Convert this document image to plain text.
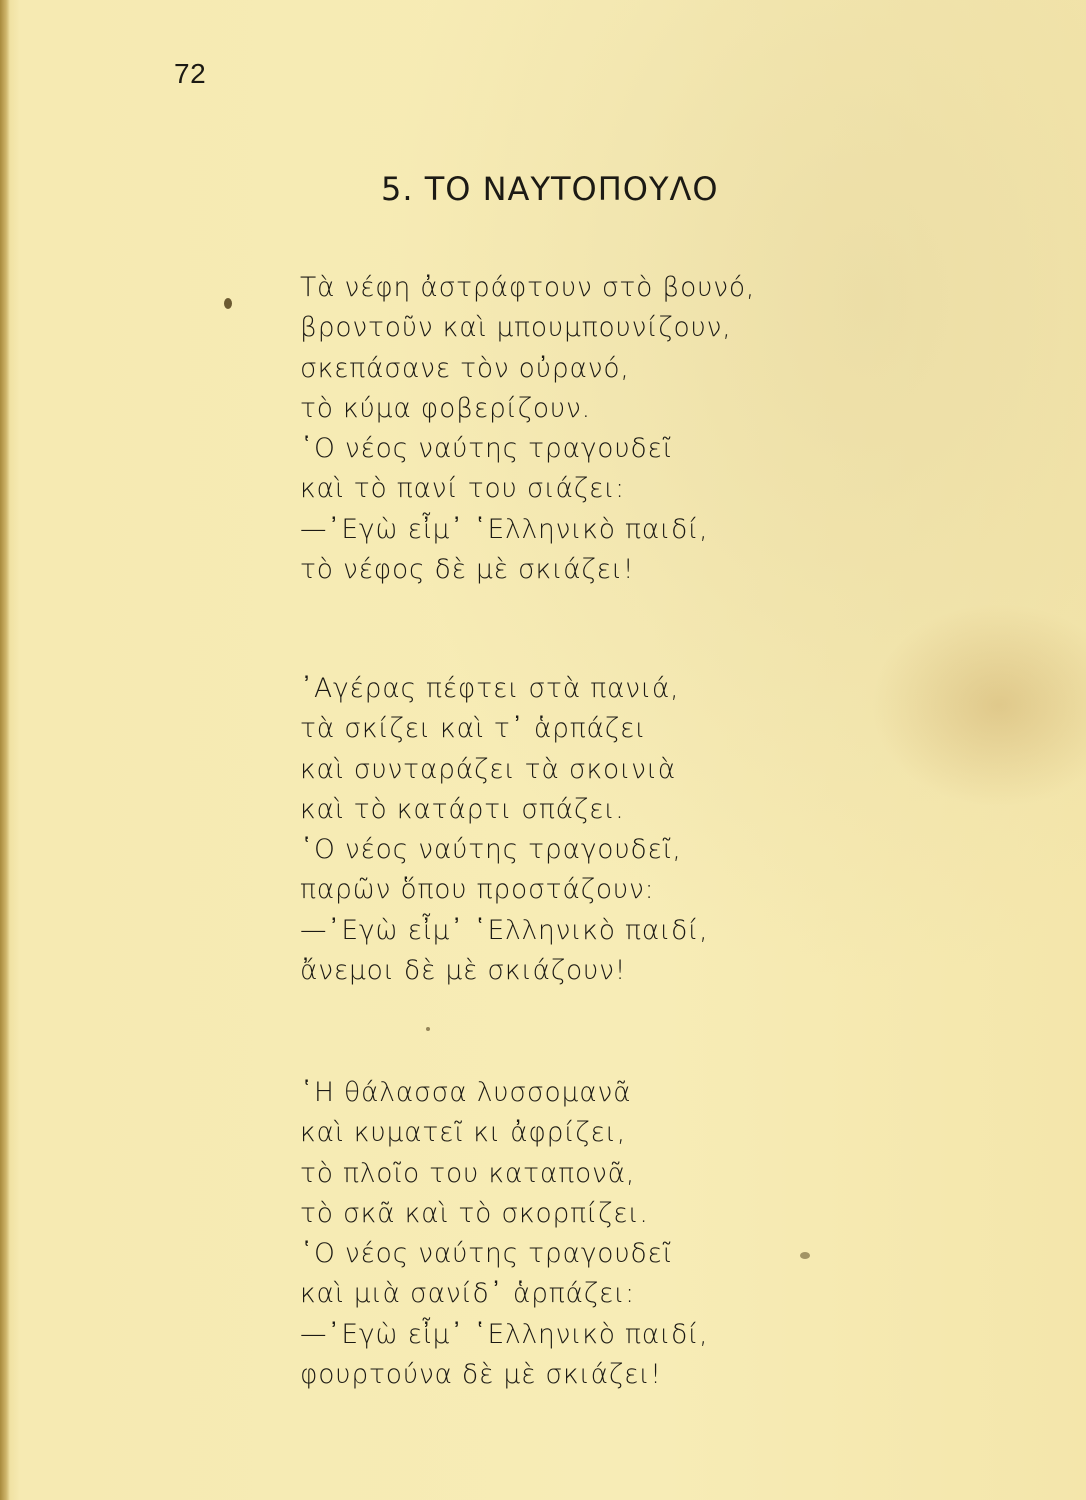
72
5. ΤΟ ΝΑΥΤΟΠΟΥΛΟ
Τὰ νέφη ἀστράφτουν στὸ βουνό,
βροντοῦν καὶ μπουμπουνίζουν,
σκεπάσανε τὸν οὐρανό,
τὸ κύμα φοβερίζουν.
῾Ο νέος ναύτης τραγουδεῖ
καὶ τὸ πανί του σιάζει:
—᾿Εγὼ εἶμ᾿ ῾Ελληνικὸ παιδί,
τὸ νέφος δὲ μὲ σκιάζει!
᾿Αγέρας πέφτει στὰ πανιά,
τὰ σκίζει καὶ τ᾿ ἁρπάζει
καὶ συνταράζει τὰ σκοινιὰ
καὶ τὸ κατάρτι σπάζει.
῾Ο νέος ναύτης τραγουδεῖ,
παρῶν ὅπου προστάζουν:
—᾿Εγὼ εἶμ᾿ ῾Ελληνικὸ παιδί,
ἄνεμοι δὲ μὲ σκιάζουν!
῾Η θάλασσα λυσσομανᾶ
καὶ κυματεῖ κι ἀφρίζει,
τὸ πλοῖο του καταπονᾶ,
τὸ σκᾶ καὶ τὸ σκορπίζει.
῾Ο νέος ναύτης τραγουδεῖ
καὶ μιὰ σανίδ᾿ ἁρπάζει:
—᾿Εγὼ εἶμ᾿ ῾Ελληνικὸ παιδί,
φουρτούνα δὲ μὲ σκιάζει!
